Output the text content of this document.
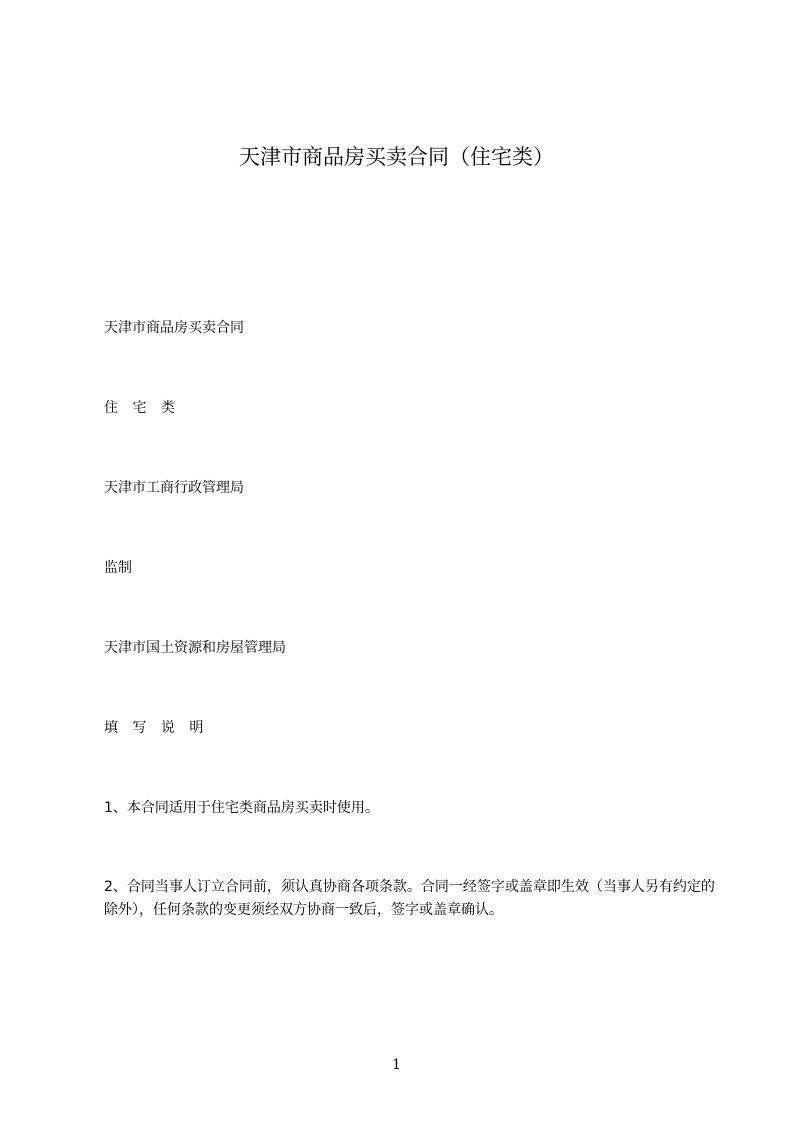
天津市商品房买卖合同（住宅类）
天津市商品房买卖合同
住 宅 类
天津市工商行政管理局
监制
天津市国土资源和房屋管理局
填 写 说 明
1、本合同适用于住宅类商品房买卖时使用。
2、合同当事人订立合同前，须认真协商各项条款。合同一经签字或盖章即生效（当事人另有约定的除外），任何条款的变更须经双方协商一致后，签字或盖章确认。
1
